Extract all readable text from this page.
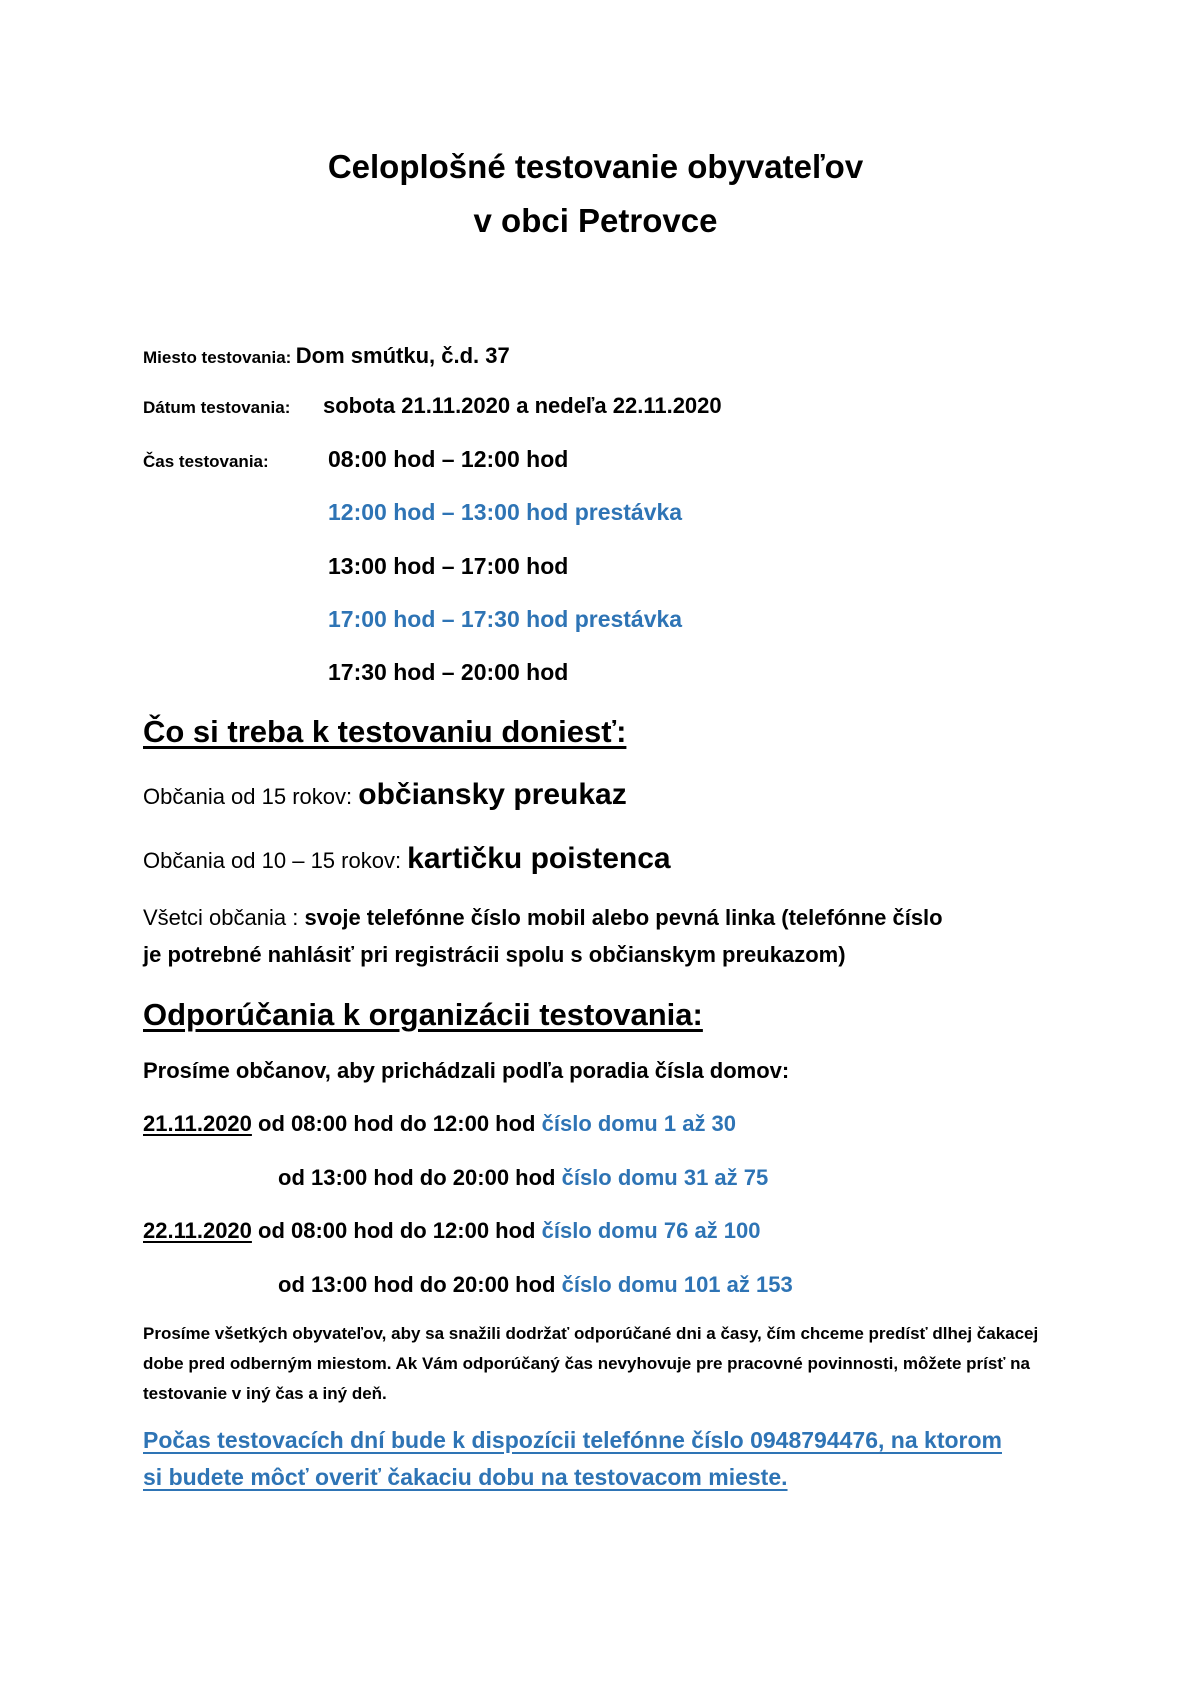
Celoplošné testovanie obyvateľov
v obci Petrovce
Miesto testovania: Dom smútku, č.d. 37
Dátum testovania: sobota 21.11.2020 a nedeľa 22.11.2020
Čas testovania:	08:00 hod – 12:00 hod
12:00 hod – 13:00 hod prestávka
13:00 hod – 17:00 hod
17:00 hod – 17:30 hod prestávka
17:30 hod – 20:00 hod
Čo si treba k testovaniu doniesť:
Občania od 15 rokov: občiansky preukaz
Občania od 10 – 15 rokov: kartičku poistenca
Všetci občania : svoje telefónne číslo mobil alebo pevná linka (telefónne číslo
je potrebné nahlásiť pri registrácii spolu s občianskym preukazom)
Odporúčania k organizácii testovania:
Prosíme občanov, aby prichádzali podľa poradia čísla domov:
21.11.2020 od 08:00 hod do 12:00 hod číslo domu 1 až 30
od 13:00 hod do 20:00 hod číslo domu 31 až 75
22.11.2020 od 08:00 hod do 12:00 hod číslo domu 76 až 100
od 13:00 hod do 20:00 hod číslo domu 101 až 153
Prosíme všetkých obyvateľov, aby sa snažili dodržať odporúčané dni a časy, čím chceme predísť dlhej čakacej dobe pred odberným miestom. Ak Vám odporúčaný čas nevyhovuje pre pracovné povinnosti, môžete prísť na testovanie v iný čas a iný deň.
Počas testovacích dní bude k dispozícii telefónne číslo 0948794476, na ktorom si budete môcť overiť čakaciu dobu na testovacom mieste.
